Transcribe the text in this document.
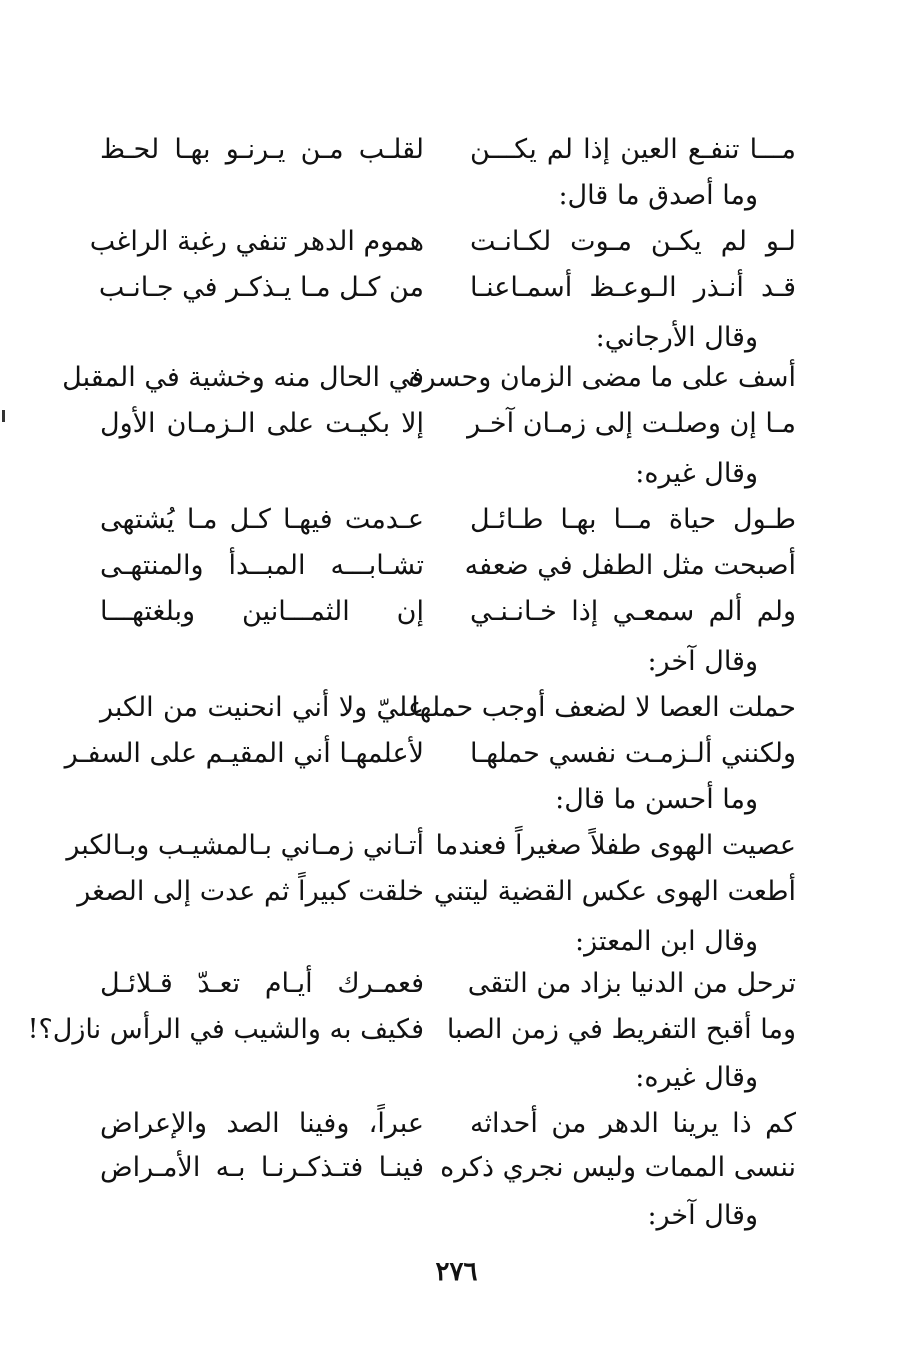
مـــا تنفـع العين إذا لم يكـــن
لقلـب مـن يـرنـو بهـا لحـظ
وما أصدق ما قال:
لـو لم يكـن مـوت لكـانـت
هموم الدهر تنفي رغبة الراغب
قـد أنـذر الـوعـظ أسمـاعنـا
من كـل مـا يـذكـر في جـانـب
وقال الأرجاني:
أسف على ما مضى الزمان وحسرة
في الحال منه وخشية في المقبل
مـا إن وصلـت إلى زمـان آخـر
إلا بكيـت على الـزمـان الأول
وقال غيره:
طـول حياة مــا بهـا طـائـل
عـدمت فيهـا كـل مـا يُشتهى
أصبحت مثل الطفل في ضعفه
تشـابـــه المبــدأ والمنتهـى
ولم ألم سمعـي إذا خـانـنـي
إن الثمـــانين وبلغتهـــا
وقال آخر:
حملت العصا لا لضعف أوجب حملها
عليّ ولا أني انحنيت من الكبر
ولكنني ألـزمـت نفسي حملهـا
لأعلمهـا أني المقيـم على السفـر
وما أحسن ما قال:
عصيت الهوى طفلاً صغيراً فعندما
أتـاني زمـاني بـالمشيـب وبـالكبر
أطعت الهوى عكس القضية ليتني
خلقت كبيراً ثم عدت إلى الصغر
وقال ابن المعتز:
ترحل من الدنيا بزاد من التقى
فعمـرك أيـام تعـدّ قـلائـل
وما أقبح التفريط في زمن الصبا
فكيف به والشيب في الرأس نازل؟!
وقال غيره:
كم ذا يرينا الدهر من أحداثه
عبراً، وفينا الصد والإعراض
ننسى الممات وليس نجري ذكره
فينـا فتـذكـرنـا بـه الأمـراض
وقال آخر:
٢٧٦
